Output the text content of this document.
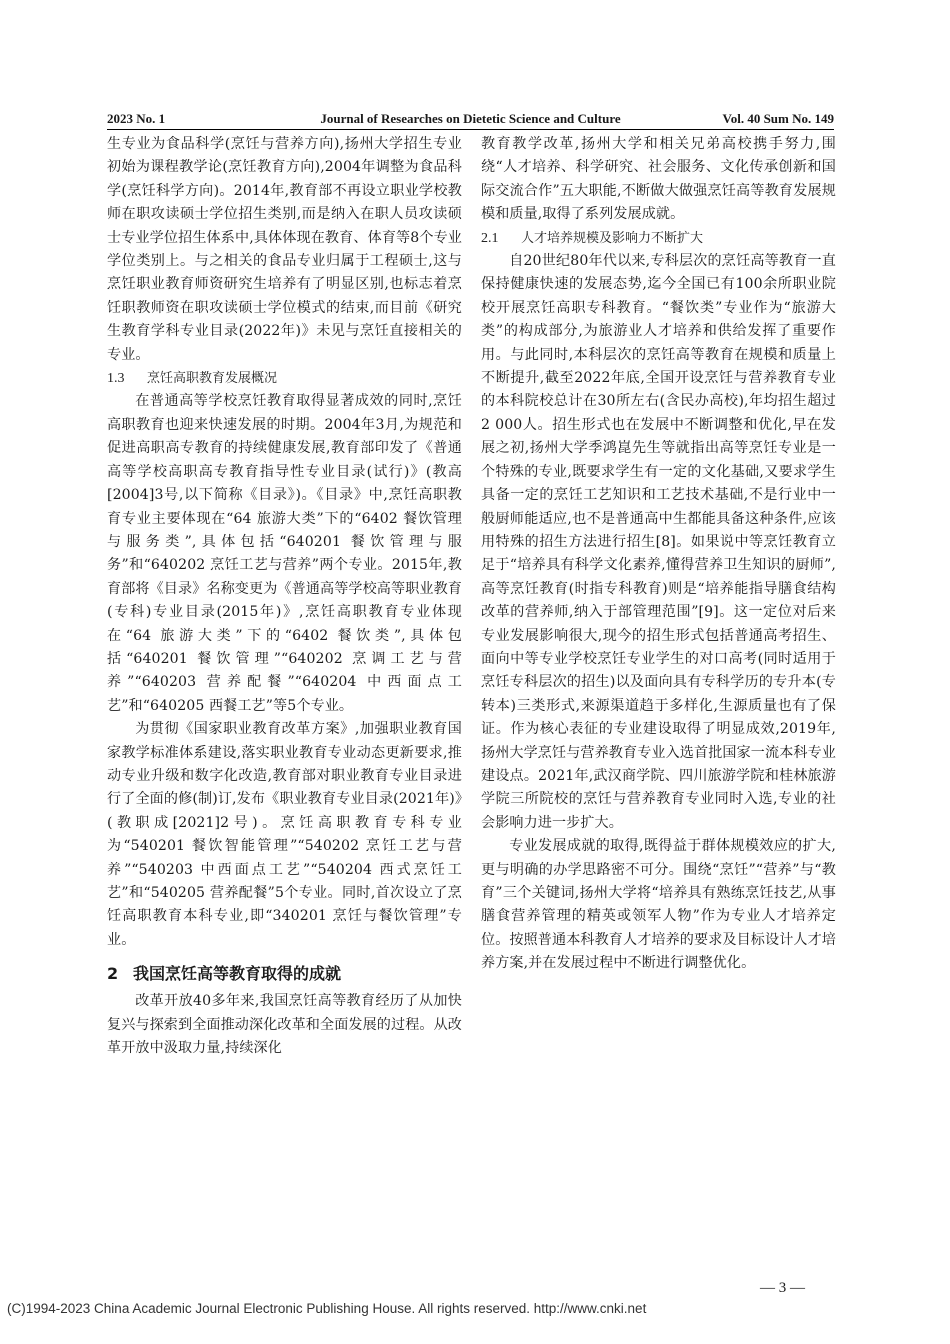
2023 No. 1	Journal of Researches on Dietetic Science and Culture	Vol. 40 Sum No. 149

生专业为食品科学(烹饪与营养方向),扬州大学招生专业初始为课程教学论(烹饪教育方向),2004年调整为食品科学(烹饪科学方向)。2014年,教育部不再设立职业学校教师在职攻读硕士学位招生类别,而是纳入在职人员攻读硕士专业学位招生体系中,具体体现在教育、体育等8个专业学位类别上。与之相关的食品专业归属于工程硕士,这与烹饪职业教育师资研究生培养有了明显区别,也标志着烹饪职教师资在职攻读硕士学位模式的结束,而目前《研究生教育学科专业目录(2022年)》未见与烹饪直接相关的专业。

1.3 烹饪高职教育发展概况

在普通高等学校烹饪教育取得显著成效的同时,烹饪高职教育也迎来快速发展的时期。2004年3月,为规范和促进高职高专教育的持续健康发展,教育部印发了《普通高等学校高职高专教育指导性专业目录(试行)》(教高[2004]3号,以下简称《目录》)。《目录》中,烹饪高职教育专业主要体现在“64 旅游大类”下的“6402 餐饮管理与服务类”,具体包括“640201 餐饮管理与服务”和“640202 烹饪工艺与营养”两个专业。2015年,教育部将《目录》名称变更为《普通高等学校高等职业教育(专科)专业目录(2015年)》,烹饪高职教育专业体现在“64 旅游大类”下的“6402 餐饮类”,具体包括“640201 餐饮管理”“640202 烹调工艺与营养”“640203 营养配餐”“640204 中西面点工艺”和“640205 西餐工艺”等5个专业。

为贯彻《国家职业教育改革方案》,加强职业教育国家教学标准体系建设,落实职业教育专业动态更新要求,推动专业升级和数字化改造,教育部对职业教育专业目录进行了全面的修(制)订,发布《职业教育专业目录(2021年)》(教职成[2021]2号)。烹饪高职教育专科专业为“540201 餐饮智能管理”“540202 烹饪工艺与营养”“540203 中西面点工艺”“540204 西式烹饪工艺”和“540205 营养配餐”5个专业。同时,首次设立了烹饪高职教育本科专业,即“340201 烹饪与餐饮管理”专业。

2 我国烹饪高等教育取得的成就

改革开放40多年来,我国烹饪高等教育经历了从加快复兴与探索到全面推动深化改革和全面发展的过程。从改革开放中汲取力量,持续深化

教育教学改革,扬州大学和相关兄弟高校携手努力,围绕“人才培养、科学研究、社会服务、文化传承创新和国际交流合作”五大职能,不断做大做强烹饪高等教育发展规模和质量,取得了系列发展成就。

2.1 人才培养规模及影响力不断扩大

自20世纪80年代以来,专科层次的烹饪高等教育一直保持健康快速的发展态势,迄今全国已有100余所职业院校开展烹饪高职专科教育。“餐饮类”专业作为“旅游大类”的构成部分,为旅游业人才培养和供给发挥了重要作用。与此同时,本科层次的烹饪高等教育在规模和质量上不断提升,截至2022年底,全国开设烹饪与营养教育专业的本科院校总计在30所左右(含民办高校),年均招生超过2 000人。招生形式也在发展中不断调整和优化,早在发展之初,扬州大学季鸿崑先生等就指出高等烹饪专业是一个特殊的专业,既要求学生有一定的文化基础,又要求学生具备一定的烹饪工艺知识和工艺技术基础,不是行业中一般厨师能适应,也不是普通高中生都能具备这种条件,应该用特殊的招生方法进行招生[8]。如果说中等烹饪教育立足于“培养具有科学文化素养,懂得营养卫生知识的厨师”,高等烹饪教育(时指专科教育)则是“培养能指导膳食结构改革的营养师,纳入于部管理范围”[9]。这一定位对后来专业发展影响很大,现今的招生形式包括普通高考招生、面向中等专业学校烹饪专业学生的对口高考(同时适用于烹饪专科层次的招生)以及面向具有专科学历的专升本(专转本)三类形式,来源渠道趋于多样化,生源质量也有了保证。作为核心表征的专业建设取得了明显成效,2019年,扬州大学烹饪与营养教育专业入选首批国家一流本科专业建设点。2021年,武汉商学院、四川旅游学院和桂林旅游学院三所院校的烹饪与营养教育专业同时入选,专业的社会影响力进一步扩大。

专业发展成就的取得,既得益于群体规模效应的扩大,更与明确的办学思路密不可分。围绕“烹饪”“营养”与“教育”三个关键词,扬州大学将“培养具有熟练烹饪技艺,从事膳食营养管理的精英或领军人物”作为专业人才培养定位。按照普通本科教育人才培养的要求及目标设计人才培养方案,并在发展过程中不断进行调整优化。

— 3 —
(C)1994-2023 China Academic Journal Electronic Publishing House. All rights reserved. http://www.cnki.net
